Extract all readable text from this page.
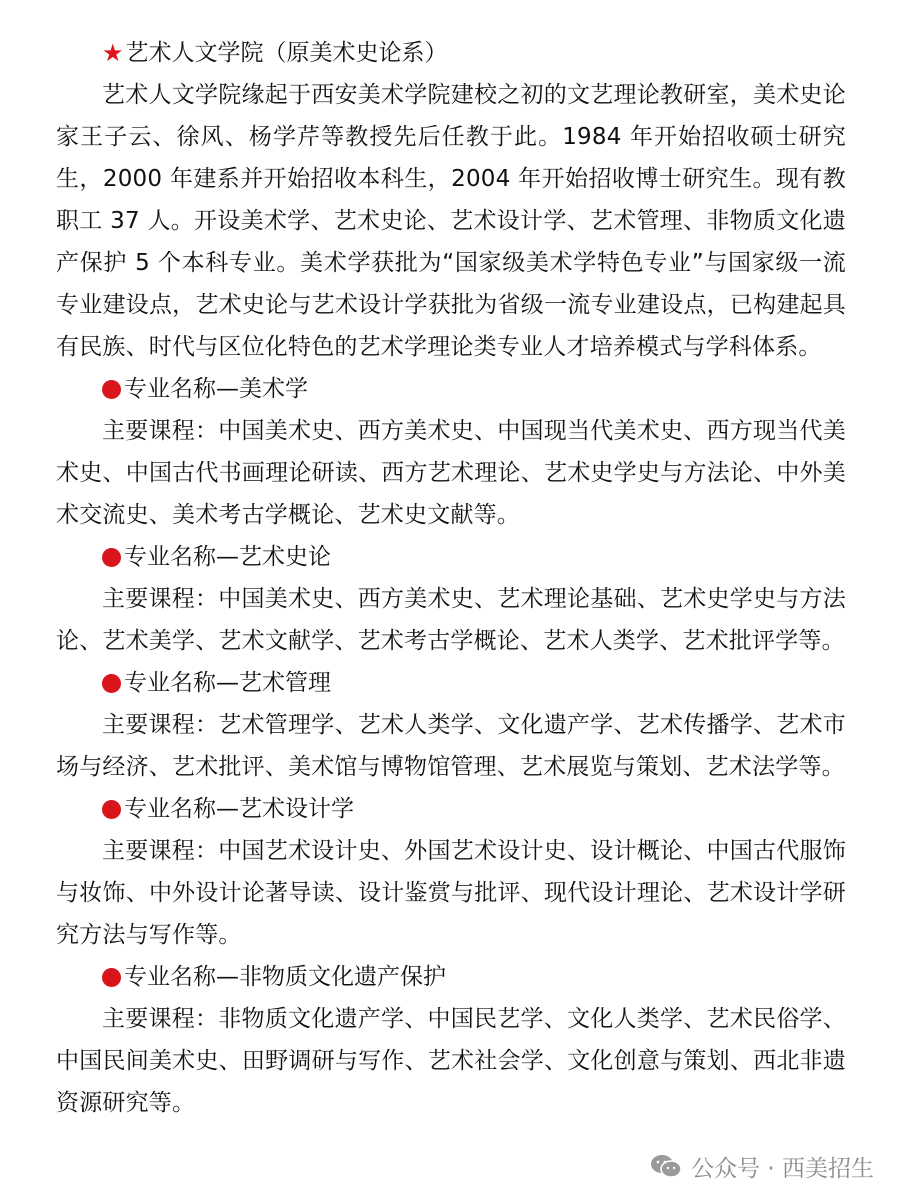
★ 艺术人文学院（原美术史论系）

艺术人文学院缘起于西安美术学院建校之初的文艺理论教研室，美术史论家王子云、徐风、杨学芹等教授先后任教于此。1984 年开始招收硕士研究生，2000 年建系并开始招收本科生，2004 年开始招收博士研究生。现有教职工 37 人。开设美术学、艺术史论、艺术设计学、艺术管理、非物质文化遗产保护 5 个本科专业。美术学获批为“国家级美术学特色专业”与国家级一流专业建设点，艺术史论与艺术设计学获批为省级一流专业建设点，已构建起具有民族、时代与区位化特色的艺术学理论类专业人才培养模式与学科体系。

专业名称—美术学

主要课程：中国美术史、西方美术史、中国现当代美术史、西方现当代美术史、中国古代书画理论研读、西方艺术理论、艺术史学史与方法论、中外美术交流史、美术考古学概论、艺术史文献等。

专业名称—艺术史论

主要课程：中国美术史、西方美术史、艺术理论基础、艺术史学史与方法论、艺术美学、艺术文献学、艺术考古学概论、艺术人类学、艺术批评学等。

专业名称—艺术管理

主要课程：艺术管理学、艺术人类学、文化遗产学、艺术传播学、艺术市场与经济、艺术批评、美术馆与博物馆管理、艺术展览与策划、艺术法学等。

专业名称—艺术设计学

主要课程：中国艺术设计史、外国艺术设计史、设计概论、中国古代服饰与妆饰、中外设计论著导读、设计鉴赏与批评、现代设计理论、艺术设计学研究方法与写作等。

专业名称—非物质文化遗产保护

主要课程：非物质文化遗产学、中国民艺学、文化人类学、艺术民俗学、中国民间美术史、田野调研与写作、艺术社会学、文化创意与策划、西北非遗资源研究等。

公众号 · 西美招生
